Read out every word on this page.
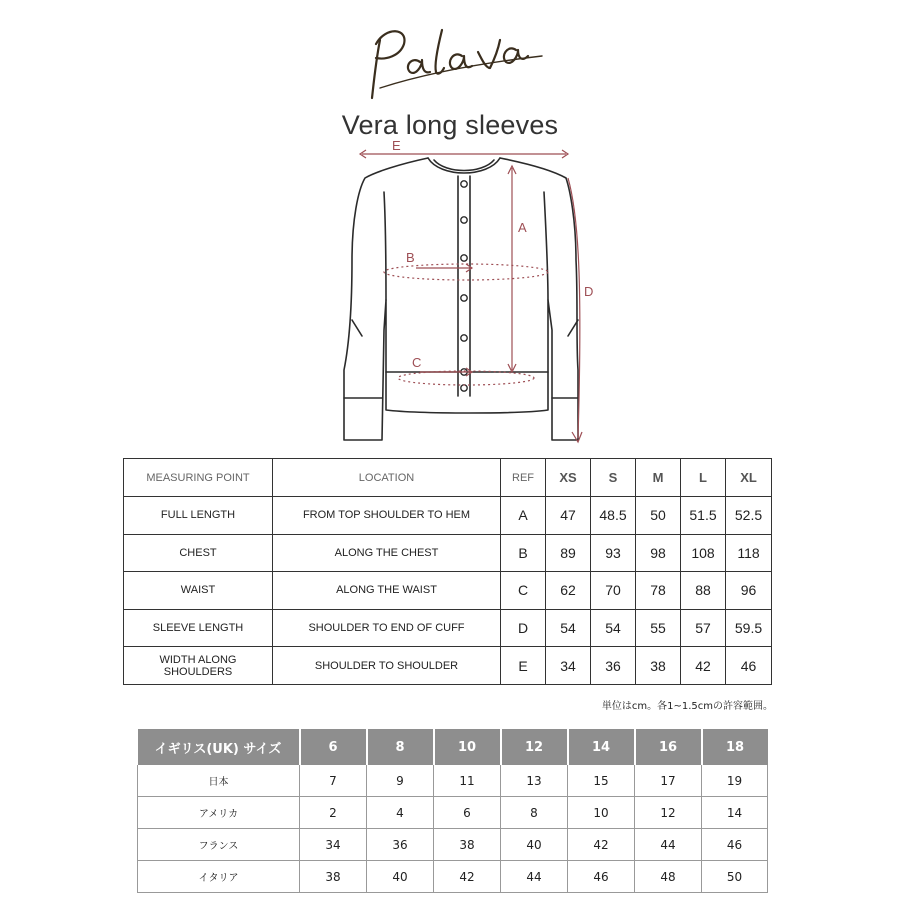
Vera long sleeves
E
A
B
C
D
MEASURING POINT	LOCATION	REF	XS	S	M	L	XL
FULL LENGTH	FROM TOP SHOULDER TO HEM	A	47	48.5	50	51.5	52.5
CHEST	ALONG THE CHEST	B	89	93	98	108	118
WAIST	ALONG THE WAIST	C	62	70	78	88	96
SLEEVE LENGTH	SHOULDER TO END OF CUFF	D	54	54	55	57	59.5
WIDTH ALONG SHOULDERS	SHOULDER TO SHOULDER	E	34	36	38	42	46
単位はcm。各1~1.5cmの許容範囲。
イギリス(UK) サイズ	6	8	10	12	14	16	18
日本	7	9	11	13	15	17	19
アメリカ	2	4	6	8	10	12	14
フランス	34	36	38	40	42	44	46
イタリア	38	40	42	44	46	48	50
